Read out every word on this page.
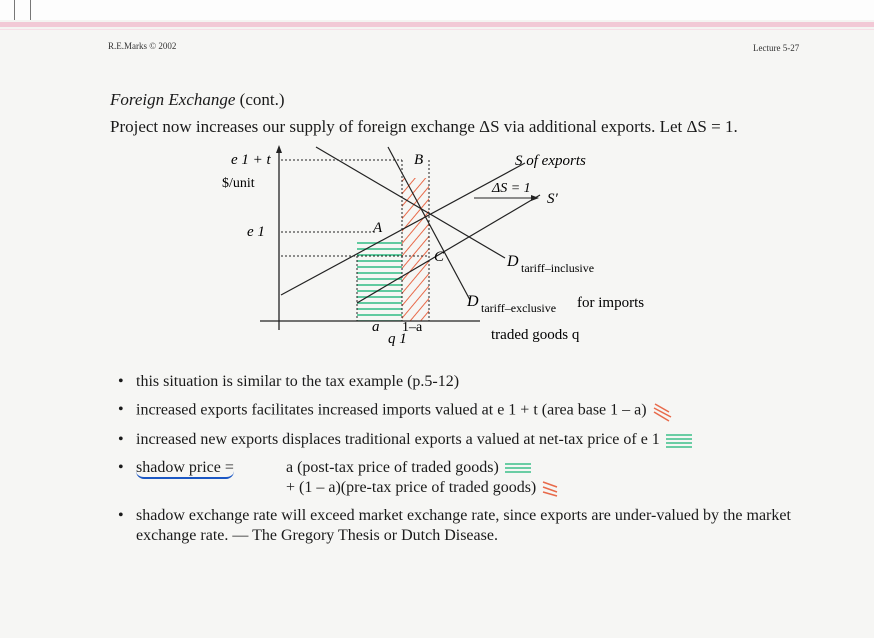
R.E.Marks © 2002	Lecture 5-27
Foreign Exchange (cont.)
Project now increases our supply of foreign exchange ΔS via additional exports. Let ΔS = 1.
e 1 + t
$/unit
e 1
B
A
C
S of exports
ΔS = 1
S′
D tariff–inclusive
D tariff–exclusive for imports
a 1–a
q 1	traded goods q
• this situation is similar to the tax example (p.5-12)
• increased exports facilitates increased imports valued at e 1 + t (area base 1 – a)
• increased new exports displaces traditional exports a valued at net-tax price of e 1
• shadow price =	a (post-tax price of traded goods)
+ (1 – a)(pre-tax price of traded goods)
• shadow exchange rate will exceed market exchange rate, since exports are under-valued by the market exchange rate. — The Gregory Thesis or Dutch Disease.
